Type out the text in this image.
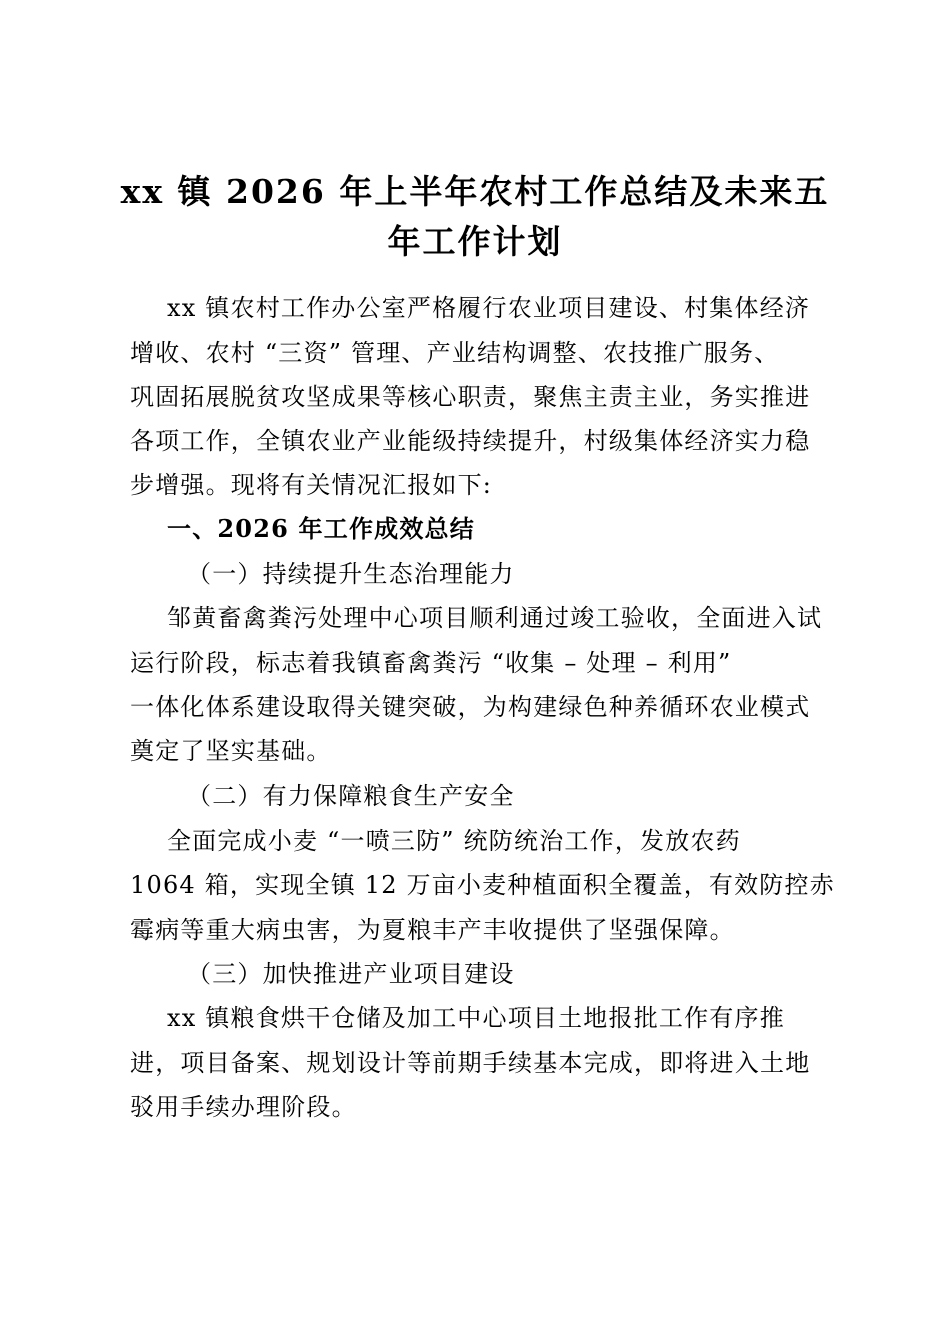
xx 镇 2026 年上半年农村工作总结及未来五
年工作计划

xx 镇农村工作办公室严格履行农业项目建设、村集体经济

增收、农村 “三资” 管理、产业结构调整、农技推广服务、

巩固拓展脱贫攻坚成果等核心职责，聚焦主责主业，务实推进

各项工作，全镇农业产业能级持续提升，村级集体经济实力稳

步增强。现将有关情况汇报如下:

一、2026 年工作成效总结

（一）持续提升生态治理能力

邹黄畜禽粪污处理中心项目顺利通过竣工验收，全面进入试

运行阶段，标志着我镇畜禽粪污 “收集 – 处理 – 利用”

一体化体系建设取得关键突破，为构建绿色种养循环农业模式

奠定了坚实基础。

（二）有力保障粮食生产安全

全面完成小麦 “一喷三防” 统防统治工作，发放农药

1064 箱，实现全镇 12 万亩小麦种植面积全覆盖，有效防控赤

霉病等重大病虫害，为夏粮丰产丰收提供了坚强保障。

（三）加快推进产业项目建设

xx 镇粮食烘干仓储及加工中心项目土地报批工作有序推

进，项目备案、规划设计等前期手续基本完成，即将进入土地

驳用手续办理阶段。
